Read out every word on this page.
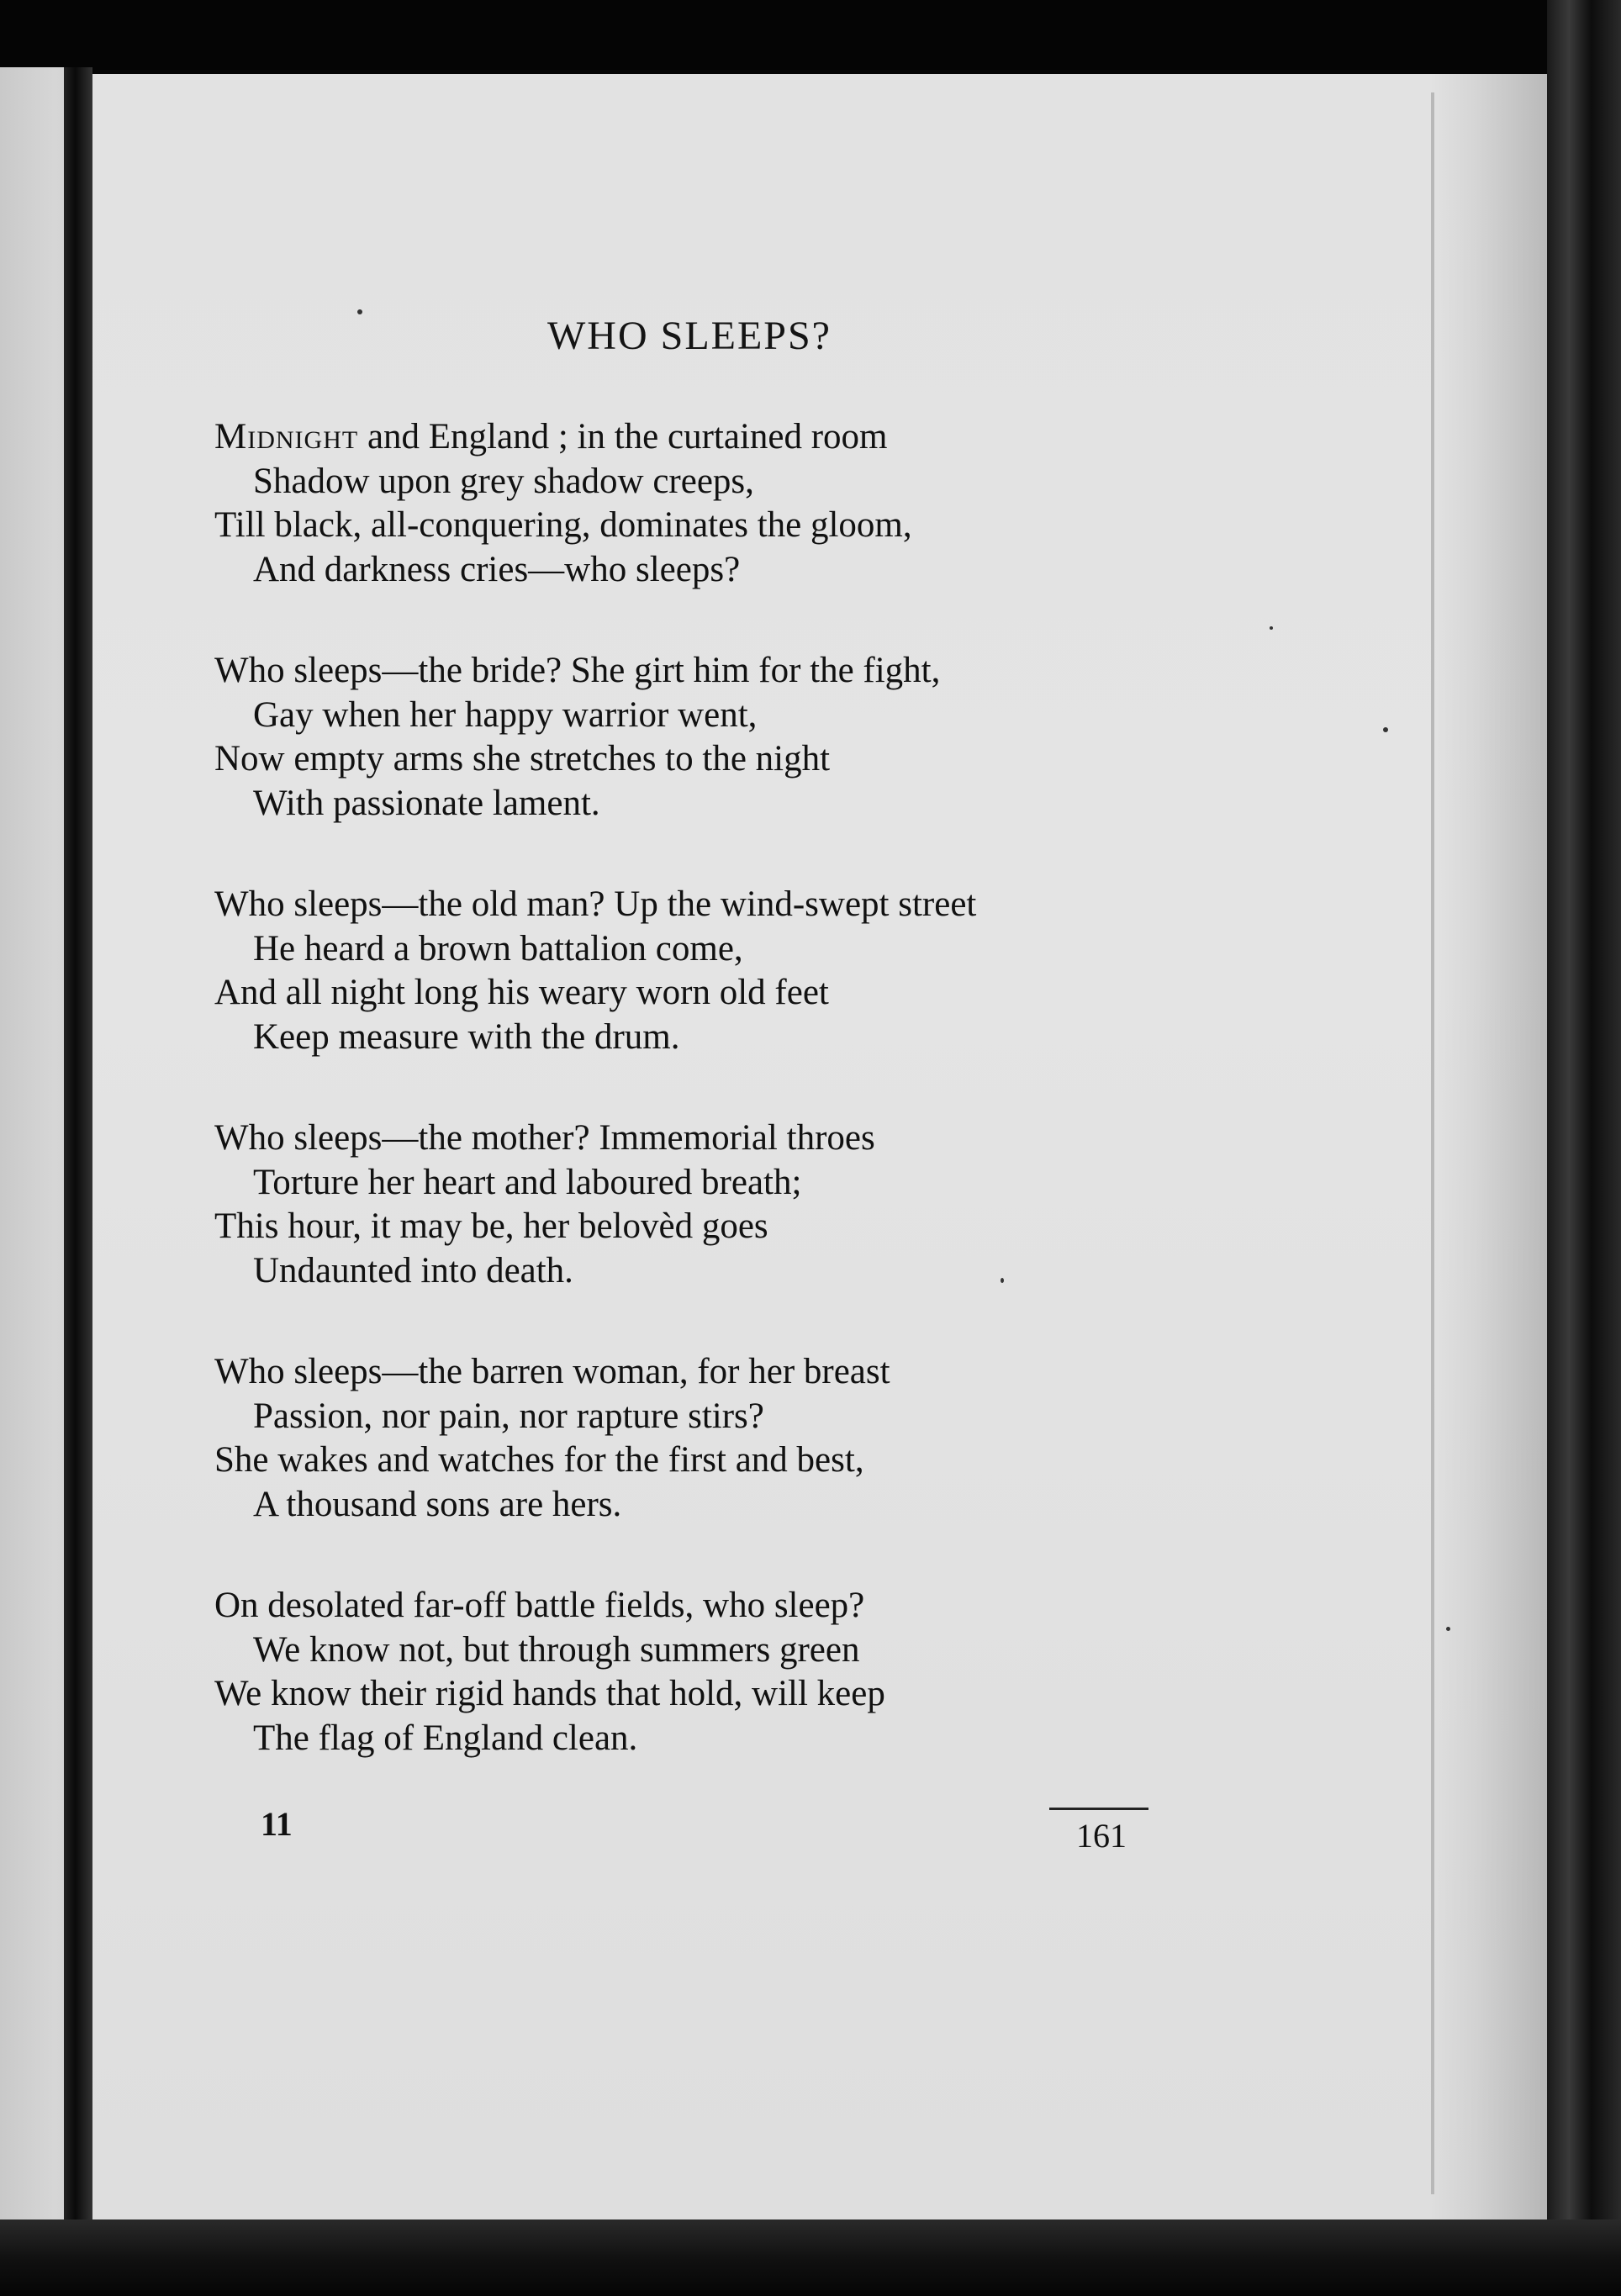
WHO SLEEPS?
Midnight and England ; in the curtained room
Shadow upon grey shadow creeps,
Till black, all-conquering, dominates the gloom,
And darkness cries—who sleeps?
Who sleeps—the bride? She girt him for the fight,
Gay when her happy warrior went,
Now empty arms she stretches to the night
With passionate lament.
Who sleeps—the old man? Up the wind-swept street
He heard a brown battalion come,
And all night long his weary worn old feet
Keep measure with the drum.
Who sleeps—the mother? Immemorial throes
Torture her heart and laboured breath;
This hour, it may be, her belovèd goes
Undaunted into death.
Who sleeps—the barren woman, for her breast
Passion, nor pain, nor rapture stirs?
She wakes and watches for the first and best,
A thousand sons are hers.
On desolated far-off battle fields, who sleep?
We know not, but through summers green
We know their rigid hands that hold, will keep
The flag of England clean.
11	161
